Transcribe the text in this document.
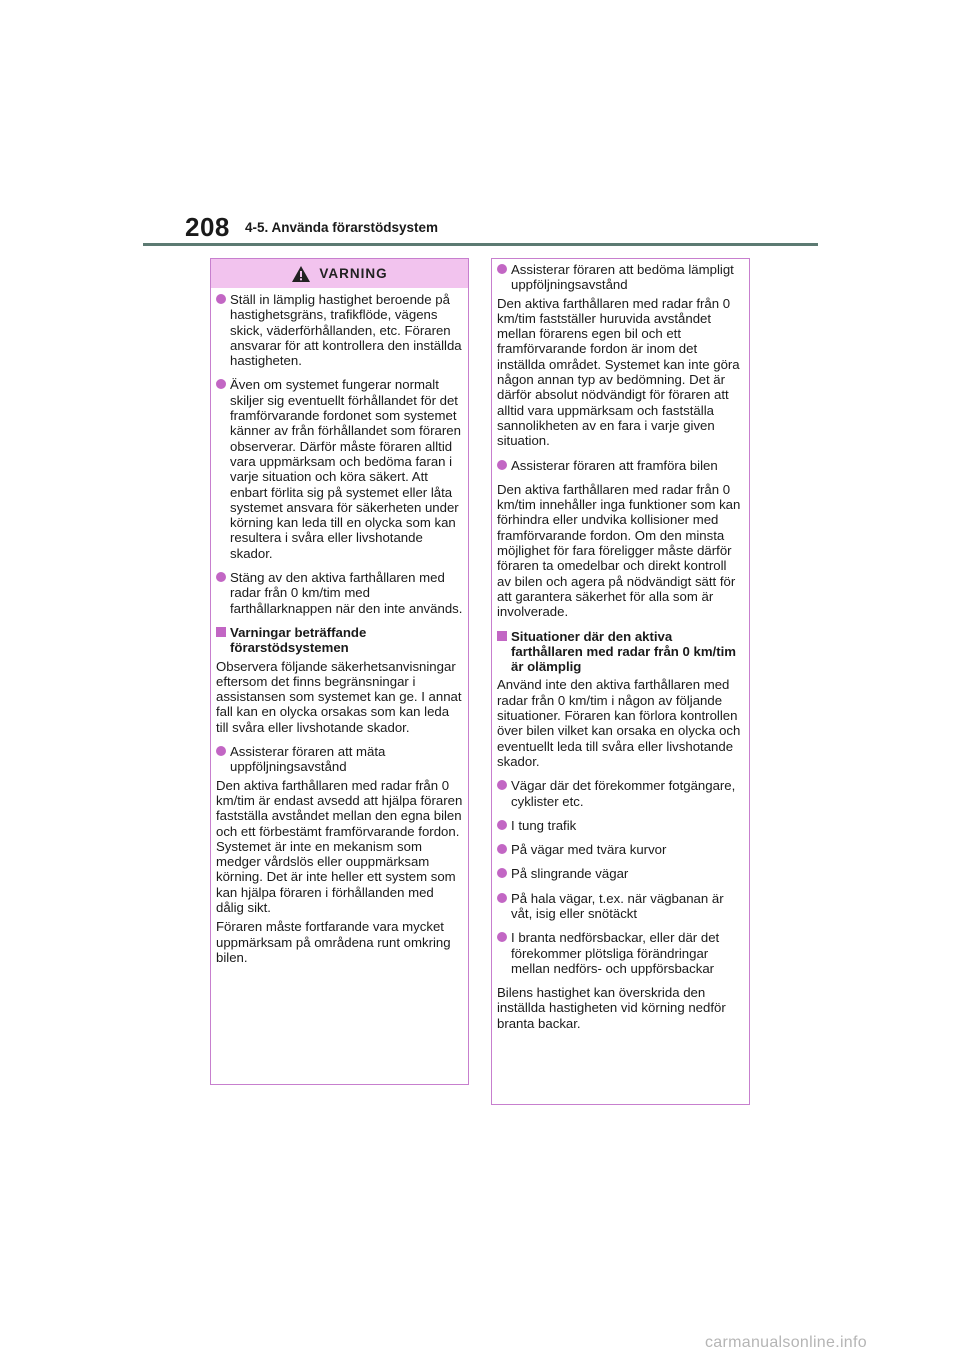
208 4-5. Använda förarstödsystem
VARNING
Ställ in lämplig hastighet beroende på hastighetsgräns, trafikflöde, vägens skick, väderförhållanden, etc. Föraren ansvarar för att kontrollera den inställda hastigheten.
Även om systemet fungerar normalt skiljer sig eventuellt förhållandet för det framförvarande fordonet som systemet känner av från förhållandet som föraren observerar. Därför måste föraren alltid vara uppmärksam och bedöma faran i varje situation och köra säkert. Att enbart förlita sig på systemet eller låta systemet ansvara för säkerheten under körning kan leda till en olycka som kan resultera i svåra eller livshotande skador.
Stäng av den aktiva farthållaren med radar från 0 km/tim med farthållarknappen när den inte används.
Varningar beträffande förarstödsystemen
Observera följande säkerhetsanvisningar eftersom det finns begränsningar i assistansen som systemet kan ge. I annat fall kan en olycka orsakas som kan leda till svåra eller livshotande skador.
Assisterar föraren att mäta uppföljningsavstånd
Den aktiva farthållaren med radar från 0 km/tim är endast avsedd att hjälpa föraren fastställa avståndet mellan den egna bilen och ett förbestämt framförvarande fordon. Systemet är inte en mekanism som medger vårdslös eller ouppmärksam körning. Det är inte heller ett system som kan hjälpa föraren i förhållanden med dålig sikt.
Föraren måste fortfarande vara mycket uppmärksam på områdena runt omkring bilen.
Assisterar föraren att bedöma lämpligt uppföljningsavstånd
Den aktiva farthållaren med radar från 0 km/tim fastställer huruvida avståndet mellan förarens egen bil och ett framförvarande fordon är inom det inställda området. Systemet kan inte göra någon annan typ av bedömning. Det är därför absolut nödvändigt för föraren att alltid vara uppmärksam och fastställa sannolikheten av en fara i varje given situation.
Assisterar föraren att framföra bilen
Den aktiva farthållaren med radar från 0 km/tim innehåller inga funktioner som kan förhindra eller undvika kollisioner med framförvarande fordon. Om den minsta möjlighet för fara föreligger måste därför föraren ta omedelbar och direkt kontroll av bilen och agera på nödvändigt sätt för att garantera säkerhet för alla som är involverade.
Situationer där den aktiva farthållaren med radar från 0 km/tim är olämplig
Använd inte den aktiva farthållaren med radar från 0 km/tim i någon av följande situationer. Föraren kan förlora kontrollen över bilen vilket kan orsaka en olycka och eventuellt leda till svåra eller livshotande skador.
Vägar där det förekommer fotgängare, cyklister etc.
I tung trafik
På vägar med tvära kurvor
På slingrande vägar
På hala vägar, t.ex. när vägbanan är våt, isig eller snötäckt
I branta nedförsbackar, eller där det förekommer plötsliga förändringar mellan nedförs- och uppförsbackar
Bilens hastighet kan överskrida den inställda hastigheten vid körning nedför branta backar.
carmanualsonline.info
